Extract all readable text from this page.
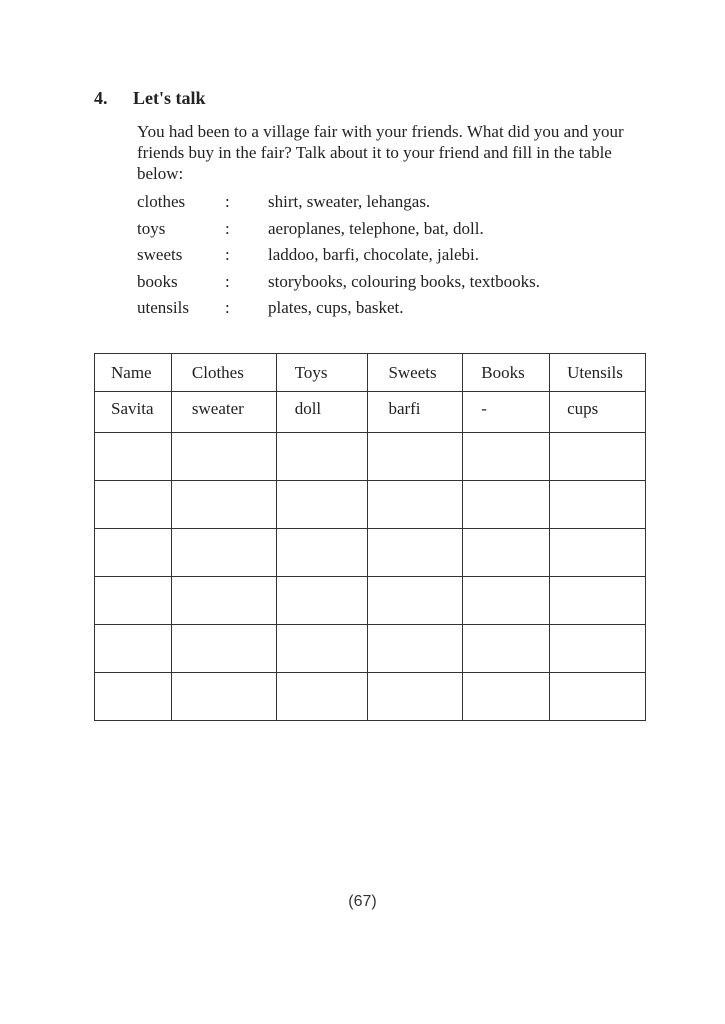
4.	Let's talk

You had been to a village fair with your friends. What did you and your friends buy in the fair? Talk about it to your friend and fill in the table below:

clothes	:	shirt, sweater, lehangas.
toys	:	aeroplanes, telephone, bat, doll.
sweets	:	laddoo, barfi, chocolate, jalebi.
books	:	storybooks, colouring books, textbooks.
utensils	:	plates, cups, basket.
Name	Clothes	Toys	Sweets	Books	Utensils
Savita	sweater	doll	barfi	-	cups

(67)
